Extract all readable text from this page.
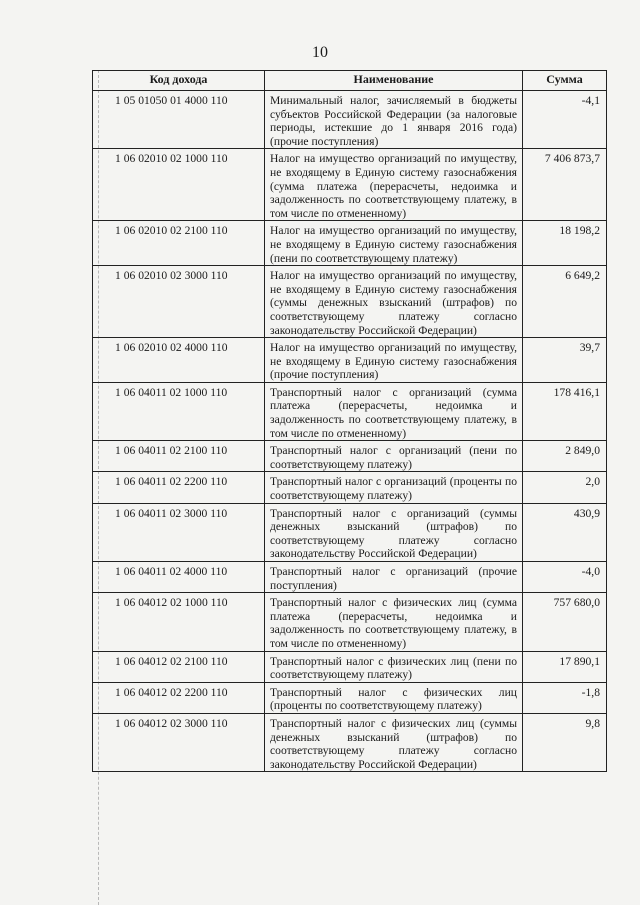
10
Код дохода	Наименование	Сумма
1 05 01050 01 4000 110	Минимальный налог, зачисляемый в бюджеты субъектов Российской Федерации (за налоговые периоды, истекшие до 1 января 2016 года) (прочие поступления)	-4,1
1 06 02010 02 1000 110	Налог на имущество организаций по имуществу, не входящему в Единую систему газоснабжения (сумма платежа (перерасчеты, недоимка и задолженность по соответствующему платежу, в том числе по отмененному)	7 406 873,7
1 06 02010 02 2100 110	Налог на имущество организаций по имуществу, не входящему в Единую систему газоснабжения (пени по соответствующему платежу)	18 198,2
1 06 02010 02 3000 110	Налог на имущество организаций по имуществу, не входящему в Единую систему газоснабжения (суммы денежных взысканий (штрафов) по соответствующему платежу согласно законодательству Российской Федерации)	6 649,2
1 06 02010 02 4000 110	Налог на имущество организаций по имуществу, не входящему в Единую систему газоснабжения (прочие поступления)	39,7
1 06 04011 02 1000 110	Транспортный налог с организаций (сумма платежа (перерасчеты, недоимка и задолженность по соответствующему платежу, в том числе по отмененному)	178 416,1
1 06 04011 02 2100 110	Транспортный налог с организаций (пени по соответствующему платежу)	2 849,0
1 06 04011 02 2200 110	Транспортный налог с организаций (проценты по соответствующему платежу)	2,0
1 06 04011 02 3000 110	Транспортный налог с организаций (суммы денежных взысканий (штрафов) по соответствующему платежу согласно законодательству Российской Федерации)	430,9
1 06 04011 02 4000 110	Транспортный налог с организаций (прочие поступления)	-4,0
1 06 04012 02 1000 110	Транспортный налог с физических лиц (сумма платежа (перерасчеты, недоимка и задолженность по соответствующему платежу, в том числе по отмененному)	757 680,0
1 06 04012 02 2100 110	Транспортный налог с физических лиц (пени по соответствующему платежу)	17 890,1
1 06 04012 02 2200 110	Транспортный налог с физических лиц (проценты по соответствующему платежу)	-1,8
1 06 04012 02 3000 110	Транспортный налог с физических лиц (суммы денежных взысканий (штрафов) по соответствующему платежу согласно законодательству Российской Федерации)	9,8
